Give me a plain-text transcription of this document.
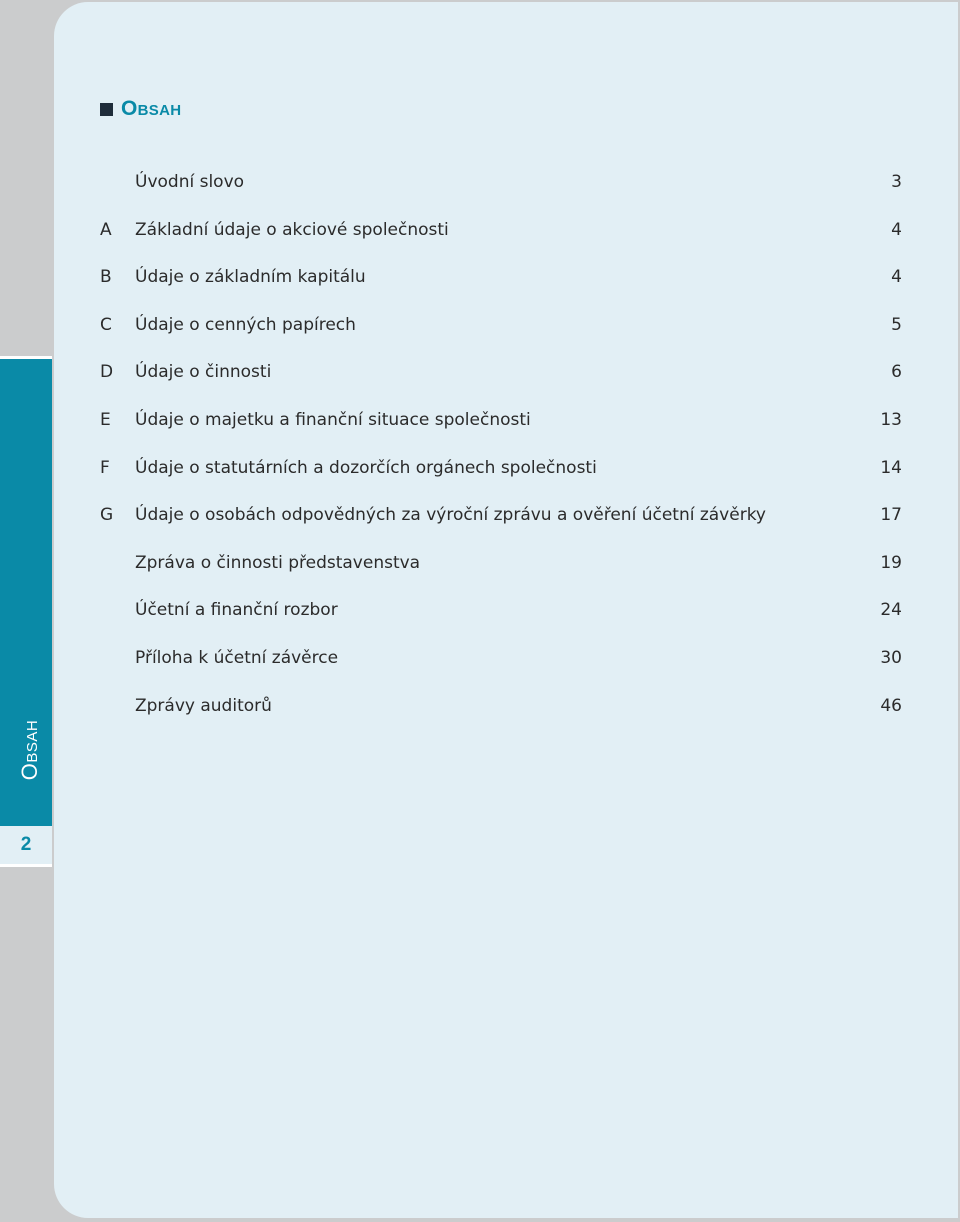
Obsah
2
Obsah
Úvodní slovo	3
A Základní údaje o akciové společnosti	4
B Údaje o základním kapitálu	4
C Údaje o cenných papírech	5
D Údaje o činnosti	6
E Údaje o majetku a finanční situace společnosti	13
F Údaje o statutárních a dozorčích orgánech společnosti	14
G Údaje o osobách odpovědných za výroční zprávu a ověření účetní závěrky	17
Zpráva o činnosti představenstva	19
Účetní a finanční rozbor	24
Příloha k účetní závěrce	30
Zprávy auditorů	46
